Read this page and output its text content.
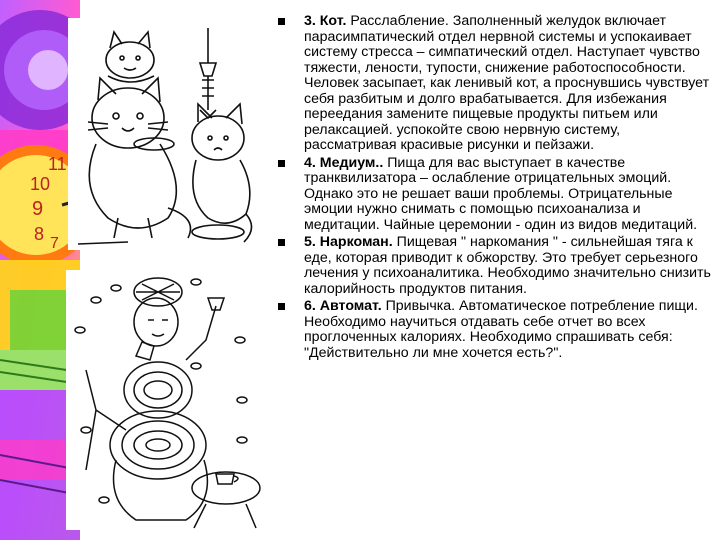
11
10
9
8 7

3. Кот. Расслабление. Заполненный желудок включает парасимпатический отдел нервной системы и успокаивает систему стресса – симпатический отдел. Наступает чувство тяжести, лености, тупости, снижение работоспособности. Человек засыпает, как ленивый кот, а проснувшись чувствует себя разбитым и долго врабатывается. Для избежания переедания замените пищевые продукты питьем или релаксацией. успокойте свою нервную систему, рассматривая красивые рисунки и пейзажи.

4. Медиум.. Пища для вас выступает в качестве транквилизатора – ослабление отрицательных эмоций. Однако это не решает ваши проблемы. Отрицательные эмоции нужно снимать с помощью психоанализа и медитации. Чайные церемонии - один из видов медитаций.

5. Наркоман. Пищевая " наркомания " - сильнейшая тяга к еде, которая приводит к обжорству. Это требует серьезного лечения у психоаналитика. Необходимо значительно снизить калорийность продуктов питания.

6. Автомат. Привычка. Автоматическое потребление пищи. Необходимо научиться отдавать себе отчет во всех проглоченных калориях. Необходимо спрашивать себя: "Действительно ли мне хочется есть?".
